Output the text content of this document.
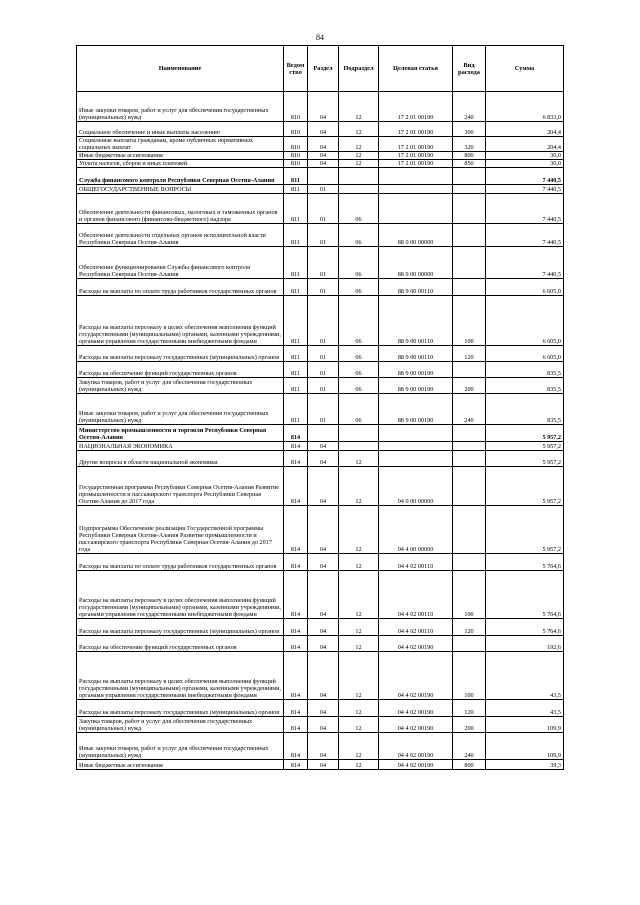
84
Наименование	Ведом ство	Раздел	Подраздел	Целевая статья	Вид расхода	Сумма
Иные закупки товаров, работ и услуг для обеспечения государственных (муниципальных) нужд	810	04	12	17 2 01 00190	240	6 833,0
Социальное обеспечение и иные выплаты населению	810	04	12	17 2 01 00190	300	204,4
Социальные выплаты гражданам, кроме публичных нормативных социальных выплат	810	04	12	17 2 01 00190	320	204,4
Иные бюджетные ассигнования	810	04	12	17 2 01 00190	800	30,0
Уплата налогов, сборов и иных платежей	810	04	12	17 2 01 00190	850	30,0
Служба финансового контроля Республики Северная Осетия-Алания	811					7 440,5
ОБЩЕГОСУДАРСТВЕННЫЕ ВОПРОСЫ	811	01				7 440,5
Обеспечение деятельности финансовых, налоговых и таможенных органов и органов финансового (финансово-бюджетного) надзора	811	01	06			7 440,5
Обеспечение деятельности отдельных органов исполнительной власти Республики Северная Осетия-Алания	811	01	06	88 0 00 00000		7 440,5
Обеспечение функционирования Службы финансового контроля Республики Северная Осетия-Алания	811	01	06	88 9 00 00000		7 440,5
Расходы на выплаты по оплате труда работников государственных органов	811	01	06	88 9 00 00110		6 605,0
Расходы на выплаты персоналу в целях обеспечения выполнения функций государственными (муниципальными) органами, казенными учреждениями, органами управления государственными внебюджетными фондами	811	01	06	88 9 00 00110	100	6 605,0
Расходы на выплаты персоналу государственных (муниципальных) органов	811	01	06	88 9 00 00110	120	6 605,0
Расходы на обеспечение функций государственных органов	811	01	06	88 9 00 00190		835,5
Закупка товаров, работ и услуг для обеспечения государственных (муниципальных) нужд	811	01	06	88 9 00 00190	200	835,5
Иные закупки товаров, работ и услуг для обеспечения государственных (муниципальных) нужд	811	01	06	88 9 00 00190	240	835,5
Министерство промышленности и торговли Республики Северная Осетия-Алания	814					5 957,2
НАЦИОНАЛЬНАЯ ЭКОНОМИКА	814	04				5 957,2
Другие вопросы в области национальной экономики	814	04	12			5 957,2
Государственная программа Республики Северная Осетия-Алания Развитие промышленности и пассажирского транспорта Республики Северная Осетия-Алания до 2017 года	814	04	12	04 0 00 00000		5 957,2
Подпрограмма Обеспечение реализации Государственной программы Республики Северная Осетия-Алания Развитие промышленности и пассажирского транспорта Республики Северная Осетия-Алания до 2017 года	814	04	12	04 4 00 00000		5 957,2
Расходы на выплаты по оплате труда работников государственных органов	814	04	12	04 4 02 00110		5 764,6
Расходы на выплаты персоналу в целях обеспечения выполнения функций государственными (муниципальными) органами, казенными учреждениями, органами управления государственными внебюджетными фондами	814	04	12	04 4 02 00110	100	5 764,6
Расходы на выплаты персоналу государственных (муниципальных) органов	814	04	12	04 4 02 00110	120	5 764,6
Расходы на обеспечение функций государственных органов	814	04	12	04 4 02 00190		192,6
Расходы на выплаты персоналу в целях обеспечения выполнения функций государственными (муниципальными) органами, казенными учреждениями, органами управления государственными внебюджетными фондами	814	04	12	04 4 02 00190	100	43,5
Расходы на выплаты персоналу государственных (муниципальных) органов	814	04	12	04 4 02 00190	120	43,5
Закупка товаров, работ и услуг для обеспечения государственных (муниципальных) нужд	814	04	12	04 4 02 00190	200	109,9
Иные закупки товаров, работ и услуг для обеспечения государственных (муниципальных) нужд	814	04	12	04 4 02 00190	240	109,9
Иные бюджетные ассигнования	814	04	12	04 4 02 00190	800	39,3
